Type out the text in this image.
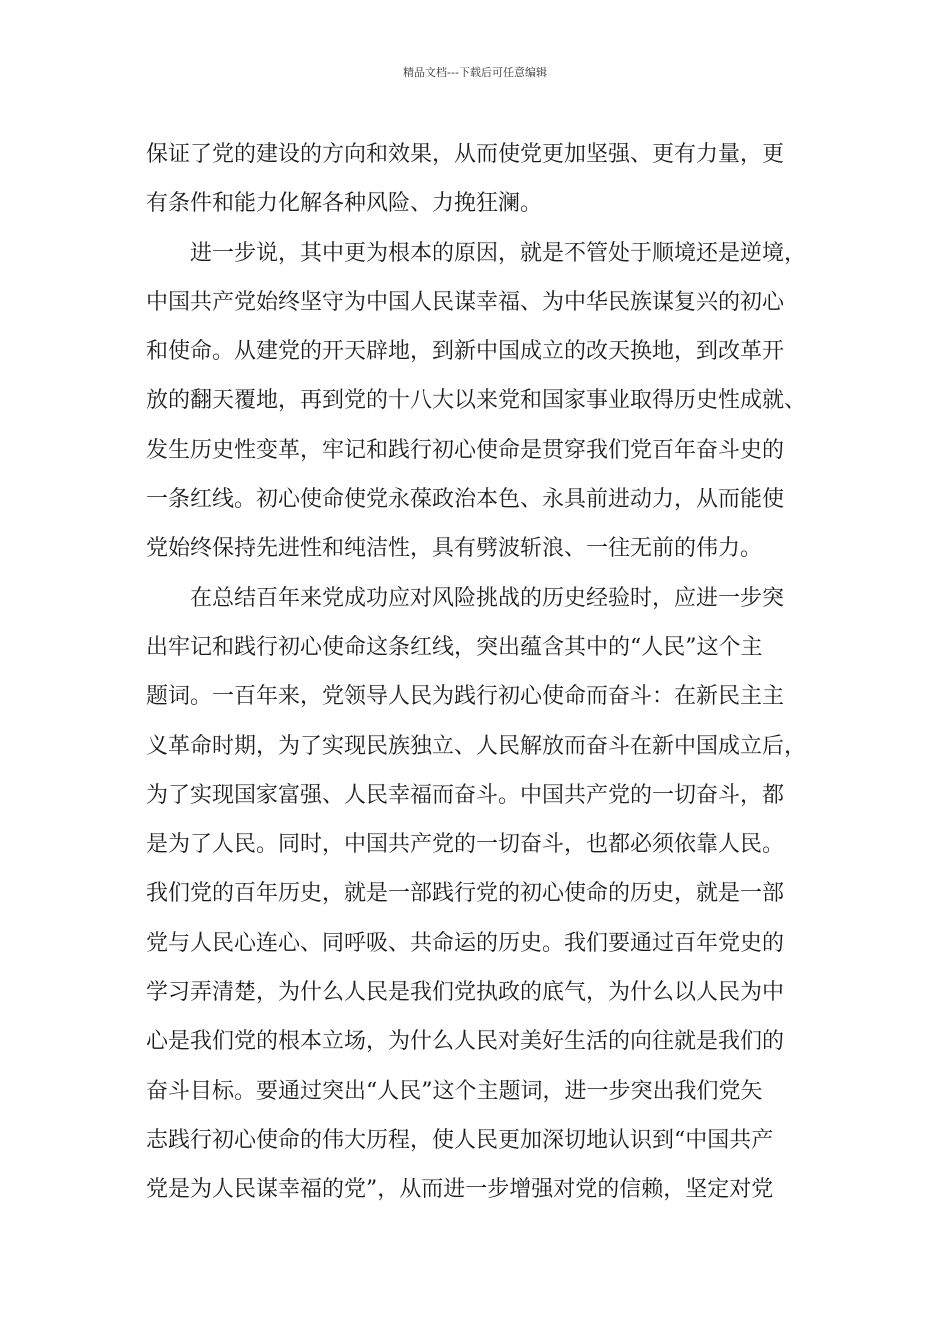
精品文档---下载后可任意编辑
保证了党的建设的方向和效果，从而使党更加坚强、更有力量，更
有条件和能力化解各种风险、力挽狂澜。
进一步说，其中更为根本的原因，就是不管处于顺境还是逆境，
中国共产党始终坚守为中国人民谋幸福、为中华民族谋复兴的初心
和使命。从建党的开天辟地，到新中国成立的改天换地，到改革开
放的翻天覆地，再到党的十八大以来党和国家事业取得历史性成就、
发生历史性变革，牢记和践行初心使命是贯穿我们党百年奋斗史的
一条红线。初心使命使党永葆政治本色、永具前进动力，从而能使
党始终保持先进性和纯洁性，具有劈波斩浪、一往无前的伟力。
在总结百年来党成功应对风险挑战的历史经验时，应进一步突
出牢记和践行初心使命这条红线，突出蕴含其中的“人民”这个主
题词。一百年来，党领导人民为践行初心使命而奋斗：在新民主主
义革命时期，为了实现民族独立、人民解放而奋斗在新中国成立后，
为了实现国家富强、人民幸福而奋斗。中国共产党的一切奋斗，都
是为了人民。同时，中国共产党的一切奋斗，也都必须依靠人民。
我们党的百年历史，就是一部践行党的初心使命的历史，就是一部
党与人民心连心、同呼吸、共命运的历史。我们要通过百年党史的
学习弄清楚，为什么人民是我们党执政的底气，为什么以人民为中
心是我们党的根本立场，为什么人民对美好生活的向往就是我们的
奋斗目标。要通过突出“人民”这个主题词，进一步突出我们党矢
志践行初心使命的伟大历程，使人民更加深切地认识到“中国共产
党是为人民谋幸福的党”，从而进一步增强对党的信赖，坚定对党
